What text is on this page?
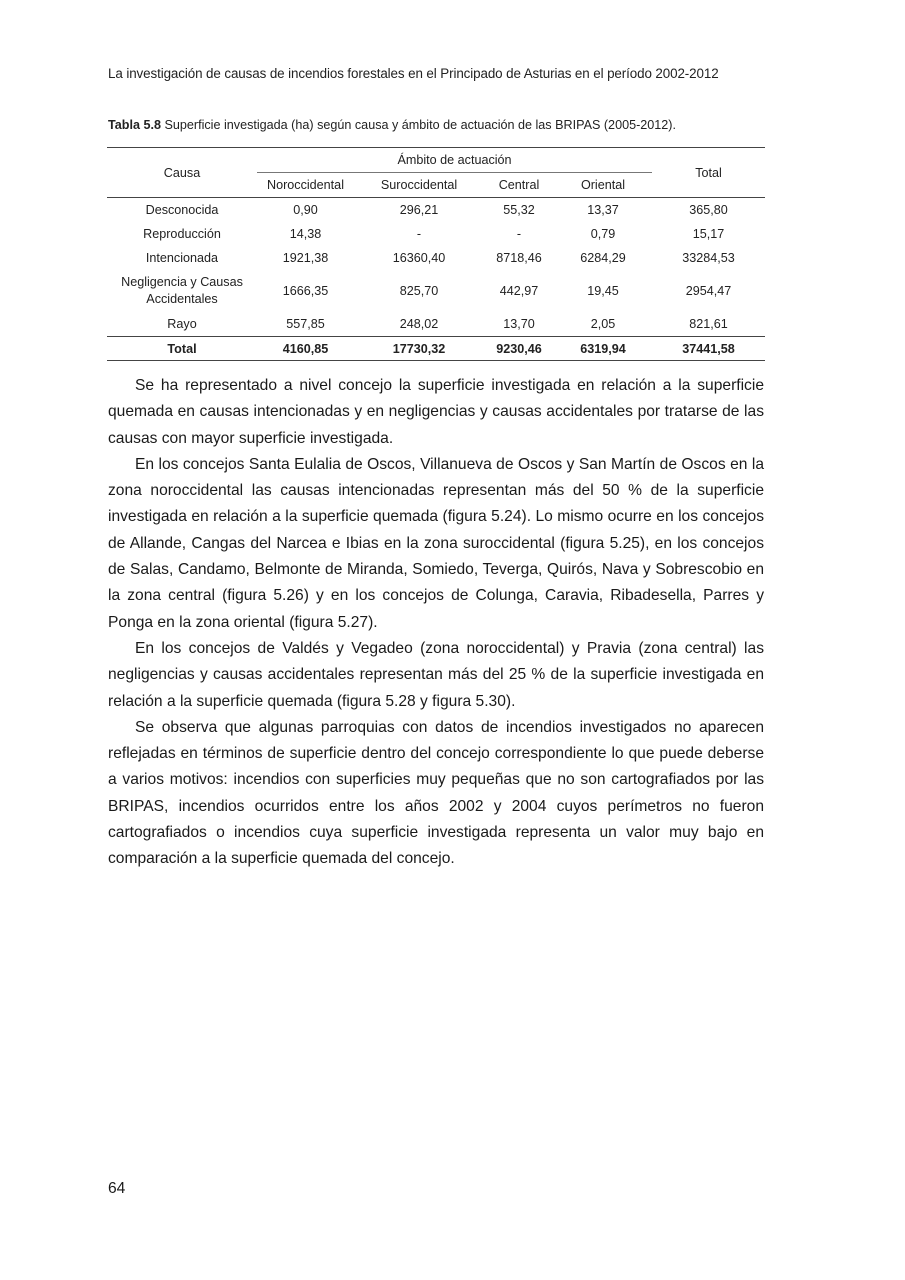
La investigación de causas de incendios forestales en el Principado de Asturias en el período 2002-2012
Tabla 5.8 Superficie investigada (ha) según causa y ámbito de actuación de las BRIPAS (2005-2012).
Causa	Ámbito de actuación				Total
	Noroccidental	Suroccidental	Central	Oriental	
Desconocida	0,90	296,21	55,32	13,37	365,80
Reproducción	14,38	-	-	0,79	15,17
Intencionada	1921,38	16360,40	8718,46	6284,29	33284,53
Negligencia y Causas
Accidentales	1666,35	825,70	442,97	19,45	2954,47
Rayo	557,85	248,02	13,70	2,05	821,61
Total	4160,85	17730,32	9230,46	6319,94	37441,58

Se ha representado a nivel concejo la superficie investigada en relación a la superficie quemada en causas intencionadas y en negligencias y causas accidentales por tratarse de las causas con mayor superficie investigada.

En los concejos Santa Eulalia de Oscos, Villanueva de Oscos y San Martín de Oscos en la zona noroccidental las causas intencionadas representan más del 50 % de la superficie investigada en relación a la superficie quemada (figura 5.24). Lo mismo ocurre en los concejos de Allande, Cangas del Narcea e Ibias en la zona suroccidental (figura 5.25), en los concejos de Salas, Candamo, Belmonte de Miranda, Somiedo, Teverga, Quirós, Nava y Sobrescobio en la zona central (figura 5.26) y en los concejos de Colunga, Caravia, Ribadesella, Parres y Ponga en la zona oriental (figura 5.27).

En los concejos de Valdés y Vegadeo (zona noroccidental) y Pravia (zona central) las negligencias y causas accidentales representan más del 25 % de la superficie investigada en relación a la superficie quemada (figura 5.28 y figura 5.30).

Se observa que algunas parroquias con datos de incendios investigados no aparecen reflejadas en términos de superficie dentro del concejo correspondiente lo que puede deberse a varios motivos: incendios con superficies muy pequeñas que no son cartografiados por las BRIPAS, incendios ocurridos entre los años 2002 y 2004 cuyos perímetros no fueron cartografiados o incendios cuya superficie investigada representa un valor muy bajo en comparación a la superficie quemada del concejo.

64
